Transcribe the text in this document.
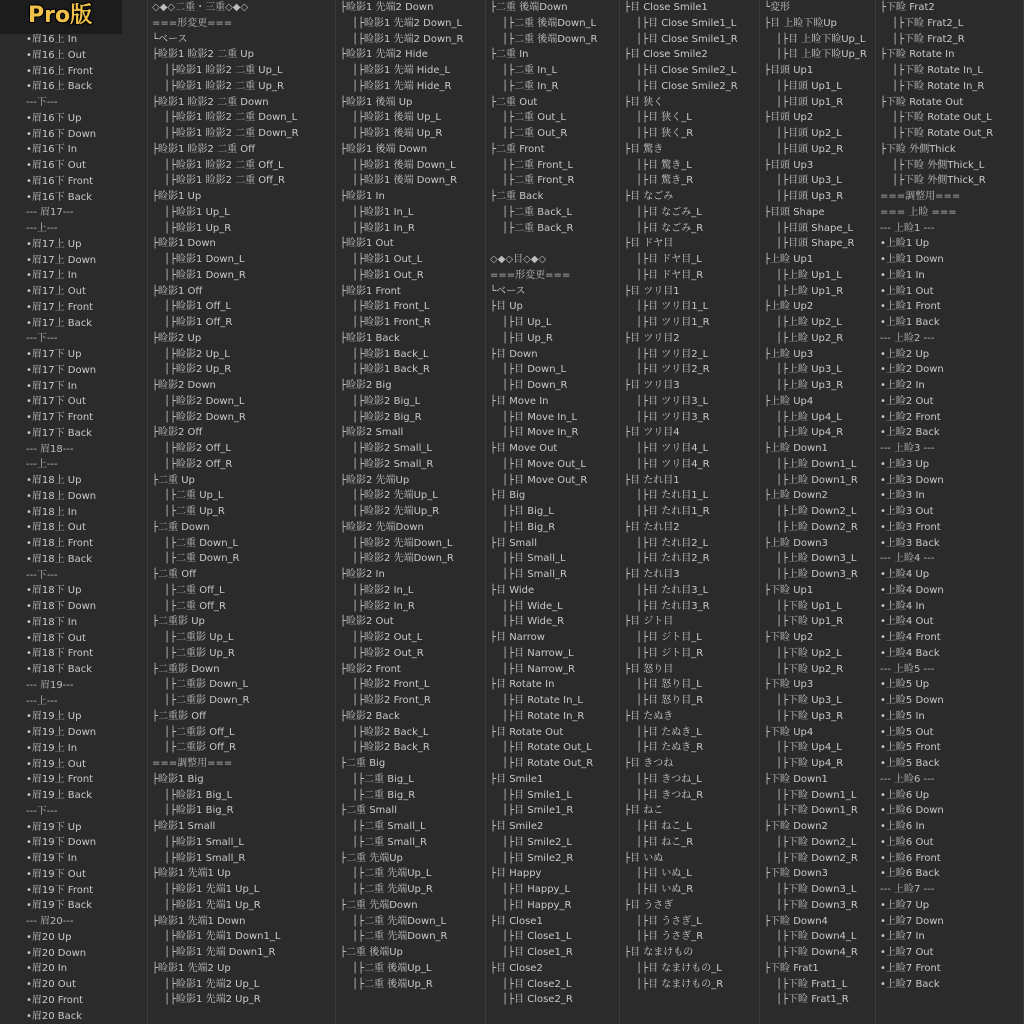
•眉16上 In
•眉16上 Out
•眉16上 Front
•眉16上 Back
---下---
•眉16下 Up
•眉16下 Down
•眉16下 In
•眉16下 Out
•眉16下 Front
•眉16下 Back
--- 眉17---
---上---
•眉17上 Up
•眉17上 Down
•眉17上 In
•眉17上 Out
•眉17上 Front
•眉17上 Back
---下---
•眉17下 Up
•眉17下 Down
•眉17下 In
•眉17下 Out
•眉17下 Front
•眉17下 Back
--- 眉18---
---上---
•眉18上 Up
•眉18上 Down
•眉18上 In
•眉18上 Out
•眉18上 Front
•眉18上 Back
---下---
•眉18下 Up
•眉18下 Down
•眉18下 In
•眉18下 Out
•眉18下 Front
•眉18下 Back
--- 眉19---
---上---
•眉19上 Up
•眉19上 Down
•眉19上 In
•眉19上 Out
•眉19上 Front
•眉19上 Back
---下---
•眉19下 Up
•眉19下 Down
•眉19下 In
•眉19下 Out
•眉19下 Front
•眉19下 Back
--- 眉20---
•眉20 Up
•眉20 Down
•眉20 In
•眉20 Out
•眉20 Front
•眉20 Back
◇◆◇二重・三重◇◆◇
===形変更===
└ベース
├睑影1 睑影2 二重 Up
│├睑影1 睑影2 二重 Up_L
│├睑影1 睑影2 二重 Up_R
├睑影1 睑影2 二重 Down
│├睑影1 睑影2 二重 Down_L
│├睑影1 睑影2 二重 Down_R
├睑影1 睑影2 二重 Off
│├睑影1 睑影2 二重 Off_L
│├睑影1 睑影2 二重 Off_R
├睑影1 Up
│├睑影1 Up_L
│├睑影1 Up_R
├睑影1 Down
│├睑影1 Down_L
│├睑影1 Down_R
├睑影1 Off
│├睑影1 Off_L
│├睑影1 Off_R
├睑影2 Up
│├睑影2 Up_L
│├睑影2 Up_R
├睑影2 Down
│├睑影2 Down_L
│├睑影2 Down_R
├睑影2 Off
│├睑影2 Off_L
│├睑影2 Off_R
├二重 Up
│├二重 Up_L
│├二重 Up_R
├二重 Down
│├二重 Down_L
│├二重 Down_R
├二重 Off
│├二重 Off_L
│├二重 Off_R
├二重影 Up
│├二重影 Up_L
│├二重影 Up_R
├二重影 Down
│├二重影 Down_L
│├二重影 Down_R
├二重影 Off
│├二重影 Off_L
│├二重影 Off_R
===調整用===
├睑影1 Big
│├睑影1 Big_L
│├睑影1 Big_R
├睑影1 Small
│├睑影1 Small_L
│├睑影1 Small_R
├睑影1 先端1 Up
│├睑影1 先端1 Up_L
│├睑影1 先端1 Up_R
├睑影1 先端1 Down
│├睑影1 先端1 Down1_L
│├睑影1 先端 Down1_R
├睑影1 先端2 Up
│├睑影1 先端2 Up_L
│├睑影1 先端2 Up_R
├睑影1 先端2 Down
│├睑影1 先端2 Down_L
│├睑影1 先端2 Down_R
├睑影1 先端2 Hide
│├睑影1 先端 Hide_L
│├睑影1 先端 Hide_R
├睑影1 後端 Up
│├睑影1 後端 Up_L
│├睑影1 後端 Up_R
├睑影1 後端 Down
│├睑影1 後端 Down_L
│├睑影1 後端 Down_R
├睑影1 In
│├睑影1 In_L
│├睑影1 In_R
├睑影1 Out
│├睑影1 Out_L
│├睑影1 Out_R
├睑影1 Front
│├睑影1 Front_L
│├睑影1 Front_R
├睑影1 Back
│├睑影1 Back_L
│├睑影1 Back_R
├睑影2 Big
│├睑影2 Big_L
│├睑影2 Big_R
├睑影2 Small
│├睑影2 Small_L
│├睑影2 Small_R
├睑影2 先端Up
│├睑影2 先端Up_L
│├睑影2 先端Up_R
├睑影2 先端Down
│├睑影2 先端Down_L
│├睑影2 先端Down_R
├睑影2 In
│├睑影2 In_L
│├睑影2 In_R
├睑影2 Out
│├睑影2 Out_L
│├睑影2 Out_R
├睑影2 Front
│├睑影2 Front_L
│├睑影2 Front_R
├睑影2 Back
│├睑影2 Back_L
│├睑影2 Back_R
├二重 Big
│├二重 Big_L
│├二重 Big_R
├二重 Small
│├二重 Small_L
│├二重 Small_R
├二重 先端Up
│├二重 先端Up_L
│├二重 先端Up_R
├二重 先端Down
│├二重 先端Down_L
│├二重 先端Down_R
├二重 後端Up
│├二重 後端Up_L
│├二重 後端Up_R
├二重 後端Down
│├二重 後端Down_L
│├二重 後端Down_R
├二重 In
│├二重 In_L
│├二重 In_R
├二重 Out
│├二重 Out_L
│├二重 Out_R
├二重 Front
│├二重 Front_L
│├二重 Front_R
├二重 Back
│├二重 Back_L
│├二重 Back_R
◇◆◇目◇◆◇
===形変更===
└ベース
├目 Up
│├目 Up_L
│├目 Up_R
├目 Down
│├目 Down_L
│├目 Down_R
├目 Move In
│├目 Move In_L
│├目 Move In_R
├目 Move Out
│├目 Move Out_L
│├目 Move Out_R
├目 Big
│├目 Big_L
│├目 Big_R
├目 Small
│├目 Small_L
│├目 Small_R
├目 Wide
│├目 Wide_L
│├目 Wide_R
├目 Narrow
│├目 Narrow_L
│├目 Narrow_R
├目 Rotate In
│├目 Rotate In_L
│├目 Rotate In_R
├目 Rotate Out
│├目 Rotate Out_L
│├目 Rotate Out_R
├目 Smile1
│├目 Smile1_L
│├目 Smile1_R
├目 Smile2
│├目 Smile2_L
│├目 Smile2_R
├目 Happy
│├目 Happy_L
│├目 Happy_R
├目 Close1
│├目 Close1_L
│├目 Close1_R
├目 Close2
│├目 Close2_L
│├目 Close2_R
├目 Close Smile1
│├目 Close Smile1_L
│├目 Close Smile1_R
├目 Close Smile2
│├目 Close Smile2_L
│├目 Close Smile2_R
├目 狭く
│├目 狭く_L
│├目 狭く_R
├目 驚き
│├目 驚き_L
│├目 驚き_R
├目 なごみ
│├目 なごみ_L
│├目 なごみ_R
├目 ドヤ目
│├目 ドヤ目_L
│├目 ドヤ目_R
├目 ツリ目1
│├目 ツリ目1_L
│├目 ツリ目1_R
├目 ツリ目2
│├目 ツリ目2_L
│├目 ツリ目2_R
├目 ツリ目3
│├目 ツリ目3_L
│├目 ツリ目3_R
├目 ツリ目4
│├目 ツリ目4_L
│├目 ツリ目4_R
├目 たれ目1
│├目 たれ目1_L
│├目 たれ目1_R
├目 たれ目2
│├目 たれ目2_L
│├目 たれ目2_R
├目 たれ目3
│├目 たれ目3_L
│├目 たれ目3_R
├目 ジト目
│├目 ジト目_L
│├目 ジト目_R
├目 怒り目
│├目 怒り目_L
│├目 怒り目_R
├目 たぬき
│├目 たぬき_L
│├目 たぬき_R
├目 きつね
│├目 きつね_L
│├目 きつね_R
├目 ねこ
│├目 ねこ_L
│├目 ねこ_R
├目 いぬ
│├目 いぬ_L
│├目 いぬ_R
├目 うさぎ
│├目 うさぎ_L
│├目 うさぎ_R
├目 なまけもの
│├目 なまけもの_L
│├目 なまけもの_R
└変形
├目 上睑下睑Up
│├目 上睑下睑Up_L
│├目 上睑下睑Up_R
├目頭 Up1
│├目頭 Up1_L
│├目頭 Up1_R
├目頭 Up2
│├目頭 Up2_L
│├目頭 Up2_R
├目頭 Up3
│├目頭 Up3_L
│├目頭 Up3_R
├目頭 Shape
│├目頭 Shape_L
│├目頭 Shape_R
├上睑 Up1
│├上睑 Up1_L
│├上睑 Up1_R
├上睑 Up2
│├上睑 Up2_L
│├上睑 Up2_R
├上睑 Up3
│├上睑 Up3_L
│├上睑 Up3_R
├上睑 Up4
│├上睑 Up4_L
│├上睑 Up4_R
├上睑 Down1
│├上睑 Down1_L
│├上睑 Down1_R
├上睑 Down2
│├上睑 Down2_L
│├上睑 Down2_R
├上睑 Down3
│├上睑 Down3_L
│├上睑 Down3_R
├下睑 Up1
│├下睑 Up1_L
│├下睑 Up1_R
├下睑 Up2
│├下睑 Up2_L
│├下睑 Up2_R
├下睑 Up3
│├下睑 Up3_L
│├下睑 Up3_R
├下睑 Up4
│├下睑 Up4_L
│├下睑 Up4_R
├下睑 Down1
│├下睑 Down1_L
│├下睑 Down1_R
├下睑 Down2
│├下睑 Down2_L
│├下睑 Down2_R
├下睑 Down3
│├下睑 Down3_L
│├下睑 Down3_R
├下睑 Down4
│├下睑 Down4_L
│├下睑 Down4_R
├下睑 Frat1
│├下睑 Frat1_L
│├下睑 Frat1_R
├下睑 Frat2
│├下睑 Frat2_L
│├下睑 Frat2_R
├下睑 Rotate In
│├下睑 Rotate In_L
│├下睑 Rotate In_R
├下睑 Rotate Out
│├下睑 Rotate Out_L
│├下睑 Rotate Out_R
├下睑 外側Thick
│├下睑 外側Thick_L
│├下睑 外側Thick_R
===調整用===
=== 上睑 ===
--- 上睑1 ---
•上睑1 Up
•上睑1 Down
•上睑1 In
•上睑1 Out
•上睑1 Front
•上睑1 Back
--- 上睑2 ---
•上睑2 Up
•上睑2 Down
•上睑2 In
•上睑2 Out
•上睑2 Front
•上睑2 Back
--- 上睑3 ---
•上睑3 Up
•上睑3 Down
•上睑3 In
•上睑3 Out
•上睑3 Front
•上睑3 Back
--- 上睑4 ---
•上睑4 Up
•上睑4 Down
•上睑4 In
•上睑4 Out
•上睑4 Front
•上睑4 Back
--- 上睑5 ---
•上睑5 Up
•上睑5 Down
•上睑5 In
•上睑5 Out
•上睑5 Front
•上睑5 Back
--- 上睑6 ---
•上睑6 Up
•上睑6 Down
•上睑6 In
•上睑6 Out
•上睑6 Front
•上睑6 Back
--- 上睑7 ---
•上睑7 Up
•上睑7 Down
•上睑7 In
•上睑7 Out
•上睑7 Front
•上睑7 Back
Pro版
